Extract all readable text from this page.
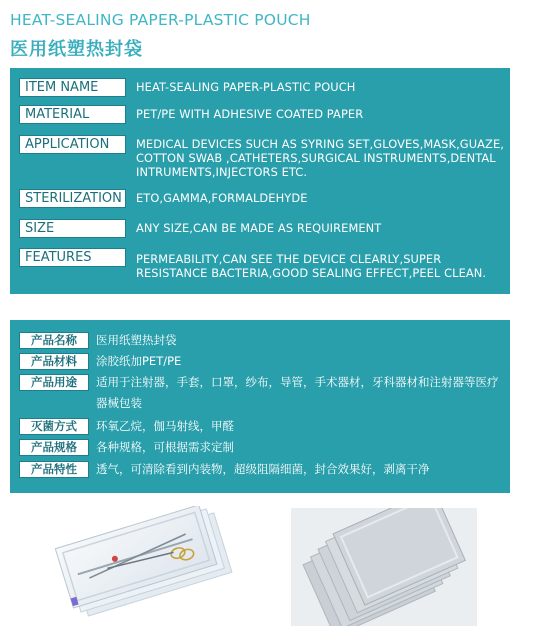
HEAT-SEALING PAPER-PLASTIC POUCH
医用纸塑热封袋
ITEM NAME	HEAT-SEALING PAPER-PLASTIC POUCH
MATERIAL	PET/PE WITH ADHESIVE COATED PAPER
APPLICATION	MEDICAL DEVICES SUCH AS SYRING SET,GLOVES,MASK,GUAZE, COTTON SWAB ,CATHETERS,SURGICAL INSTRUMENTS,DENTAL INTRUMENTS,INJECTORS ETC.
STERILIZATION	ETO,GAMMA,FORMALDEHYDE
SIZE	ANY SIZE,CAN BE MADE AS REQUIREMENT
FEATURES	PERMEABILITY,CAN SEE THE DEVICE CLEARLY,SUPER RESISTANCE BACTERIA,GOOD SEALING EFFECT,PEEL CLEAN.
产品名称	医用纸塑热封袋
产品材料	涂胶纸加PET/PE
产品用途	适用于注射器，手套，口罩，纱布，导管，手术器材，牙科器材和注射器等医疗器械包装
灭菌方式	环氧乙烷，伽马射线，甲醛
产品规格	各种规格，可根据需求定制
产品特性	透气，可清除看到内装物，超级阻隔细菌，封合效果好，剥离干净
